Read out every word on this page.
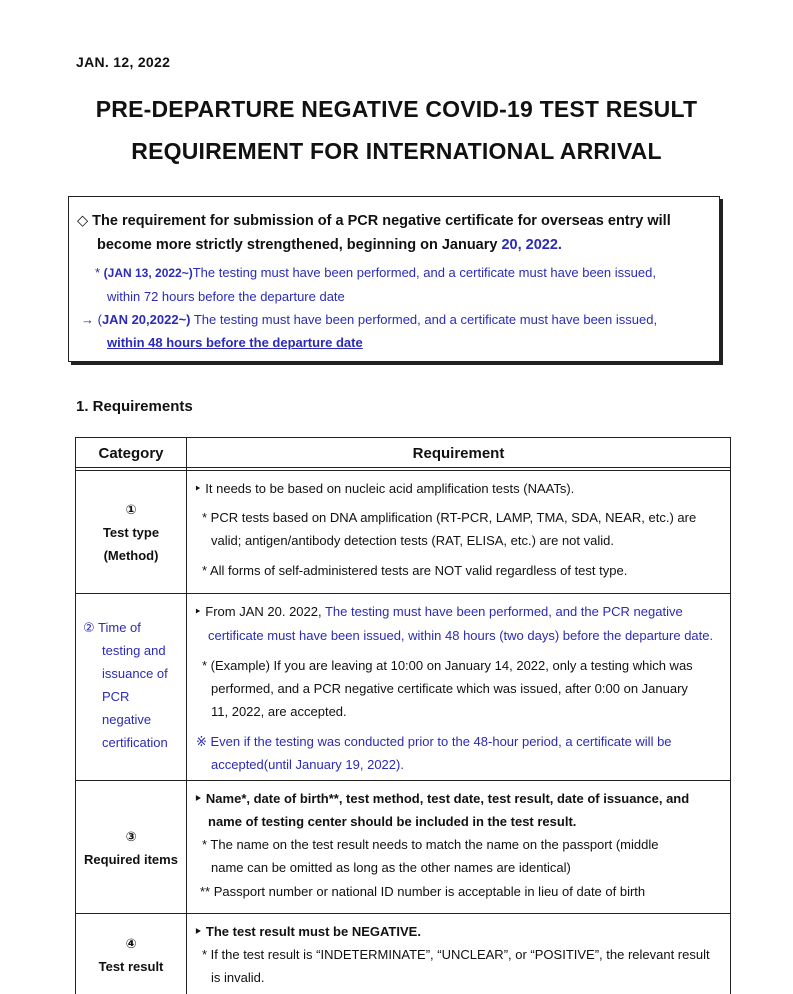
JAN. 12, 2022
PRE-DEPARTURE NEGATIVE COVID-19 TEST RESULT
REQUIREMENT FOR INTERNATIONAL ARRIVAL
◇ The requirement for submission of a PCR negative certificate for overseas entry will
become more strictly strengthened, beginning on January 20, 2022.
* (JAN 13, 2022~)The testing must have been performed, and a certificate must have been issued,
within 72 hours before the departure date
→ (JAN 20,2022~) The testing must have been performed, and a certificate must have been issued,
within 48 hours before the departure date
1. Requirements
Category	Requirement
①
Test type
(Method)
‣ It needs to be based on nucleic acid amplification tests (NAATs).
* PCR tests based on DNA amplification (RT-PCR, LAMP, TMA, SDA, NEAR, etc.) are
valid; antigen/antibody detection tests (RAT, ELISA, etc.) are not valid.
* All forms of self-administered tests are NOT valid regardless of test type.
② Time of
testing and
issuance of
PCR
negative
certification
‣ From JAN 20. 2022, The testing must have been performed, and the PCR negative
certificate must have been issued, within 48 hours (two days) before the departure date.
* (Example) If you are leaving at 10:00 on January 14, 2022, only a testing which was
performed, and a PCR negative certificate which was issued, after 0:00 on January
11, 2022, are accepted.
※ Even if the testing was conducted prior to the 48-hour period, a certificate will be
accepted(until January 19, 2022).
③
Required items
‣ Name*, date of birth**, test method, test date, test result, date of issuance, and
name of testing center should be included in the test result.
* The name on the test result needs to match the name on the passport (middle
name can be omitted as long as the other names are identical)
** Passport number or national ID number is acceptable in lieu of date of birth
④
Test result
‣ The test result must be NEGATIVE.
* If the test result is “INDETERMINATE”, “UNCLEAR”, or “POSITIVE”, the relevant result
is invalid.
